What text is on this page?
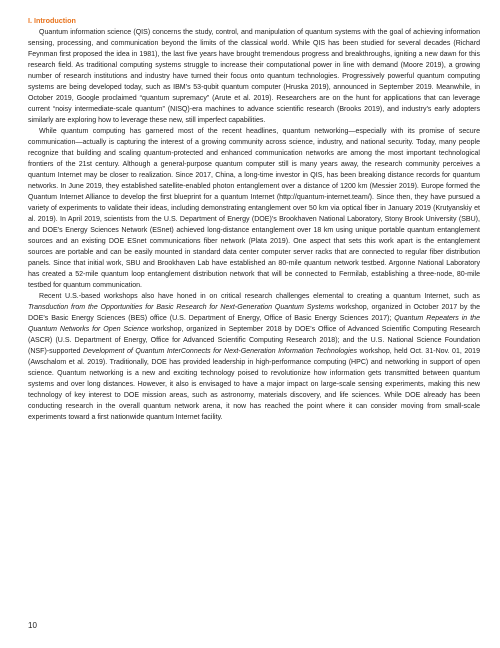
I. Introduction

Quantum information science (QIS) concerns the study, control, and manipulation of quantum systems with the goal of achieving information sensing, processing, and communication beyond the limits of the classical world. While QIS has been studied for several decades (Richard Feynman first proposed the idea in 1981), the last five years have brought tremendous progress and breakthroughs, igniting a new dawn for this research field. As traditional computing systems struggle to increase their computational power in line with demand (Moore 2019), a growing number of research institutions and industry have turned their focus onto quantum technologies. Progressively powerful quantum computing systems are being developed today, such as IBM’s 53-qubit quantum computer (Hruska 2019), announced in September 2019. Meanwhile, in October 2019, Google proclaimed “quantum supremacy” (Arute et al. 2019). Researchers are on the hunt for applications that can leverage current “noisy intermediate-scale quantum” (NISQ)-era machines to advance scientific research (Brooks 2019), and industry’s early adopters similarly are exploring how to leverage these new, still imperfect capabilities.

While quantum computing has garnered most of the recent headlines, quantum networking—especially with its promise of secure communication—actually is capturing the interest of a growing community across science, industry, and national security. Today, many people recognize that building and scaling quantum-protected and enhanced communication networks are among the most important technological frontiers of the 21st century. Although a general-purpose quantum computer still is many years away, the research community perceives a quantum Internet may be closer to realization. Since 2017, China, a long-time investor in QIS, has been breaking distance records for quantum networks. In June 2019, they established satellite-enabled photon entanglement over a distance of 1200 km (Messier 2019). Europe formed the Quantum Internet Alliance to develop the first blueprint for a quantum Internet (http://quantum-internet.team/). Since then, they have pursued a variety of experiments to validate their ideas, including demonstrating entanglement over 50 km via optical fiber in January 2019 (Krutyanskiy et al. 2019). In April 2019, scientists from the U.S. Department of Energy (DOE)’s Brookhaven National Laboratory, Stony Brook University (SBU), and DOE’s Energy Sciences Network (ESnet) achieved long-distance entanglement over 18 km using unique portable quantum entanglement sources and an existing DOE ESnet communications fiber network (Plata 2019). One aspect that sets this work apart is the entanglement sources are portable and can be easily mounted in standard data center computer server racks that are connected to regular fiber distribution panels. Since that initial work, SBU and Brookhaven Lab have established an 80-mile quantum network testbed. Argonne National Laboratory has created a 52-mile quantum loop entanglement distribution network that will be connected to Fermilab, establishing a three-node, 80-mile testbed for quantum communication.

Recent U.S.-based workshops also have honed in on critical research challenges elemental to creating a quantum Internet, such as Transduction from the Opportunities for Basic Research for Next-Generation Quantum Systems workshop, organized in October 2017 by the DOE’s Basic Energy Sciences (BES) office (U.S. Department of Energy, Office of Basic Energy Sciences 2017); Quantum Repeaters in the Quantum Networks for Open Science workshop, organized in September 2018 by DOE’s Office of Advanced Scientific Computing Research (ASCR) (U.S. Department of Energy, Office for Advanced Scientific Computing Research 2018); and the U.S. National Science Foundation (NSF)-supported Development of Quantum InterConnects for Next-Generation Information Technologies workshop, held Oct. 31-Nov. 01, 2019 (Awschalom et al. 2019). Traditionally, DOE has provided leadership in high-performance computing (HPC) and networking in support of open science. Quantum networking is a new and exciting technology poised to revolutionize how information gets transmitted between quantum systems and over long distances. However, it also is envisaged to have a major impact on large-scale sensing experiments, making this new technology of key interest to DOE mission areas, such as astronomy, materials discovery, and life sciences. While DOE already has been conducting research in the overall quantum network arena, it now has reached the point where it can consider moving from small-scale experiments toward a first nationwide quantum Internet facility.

10
